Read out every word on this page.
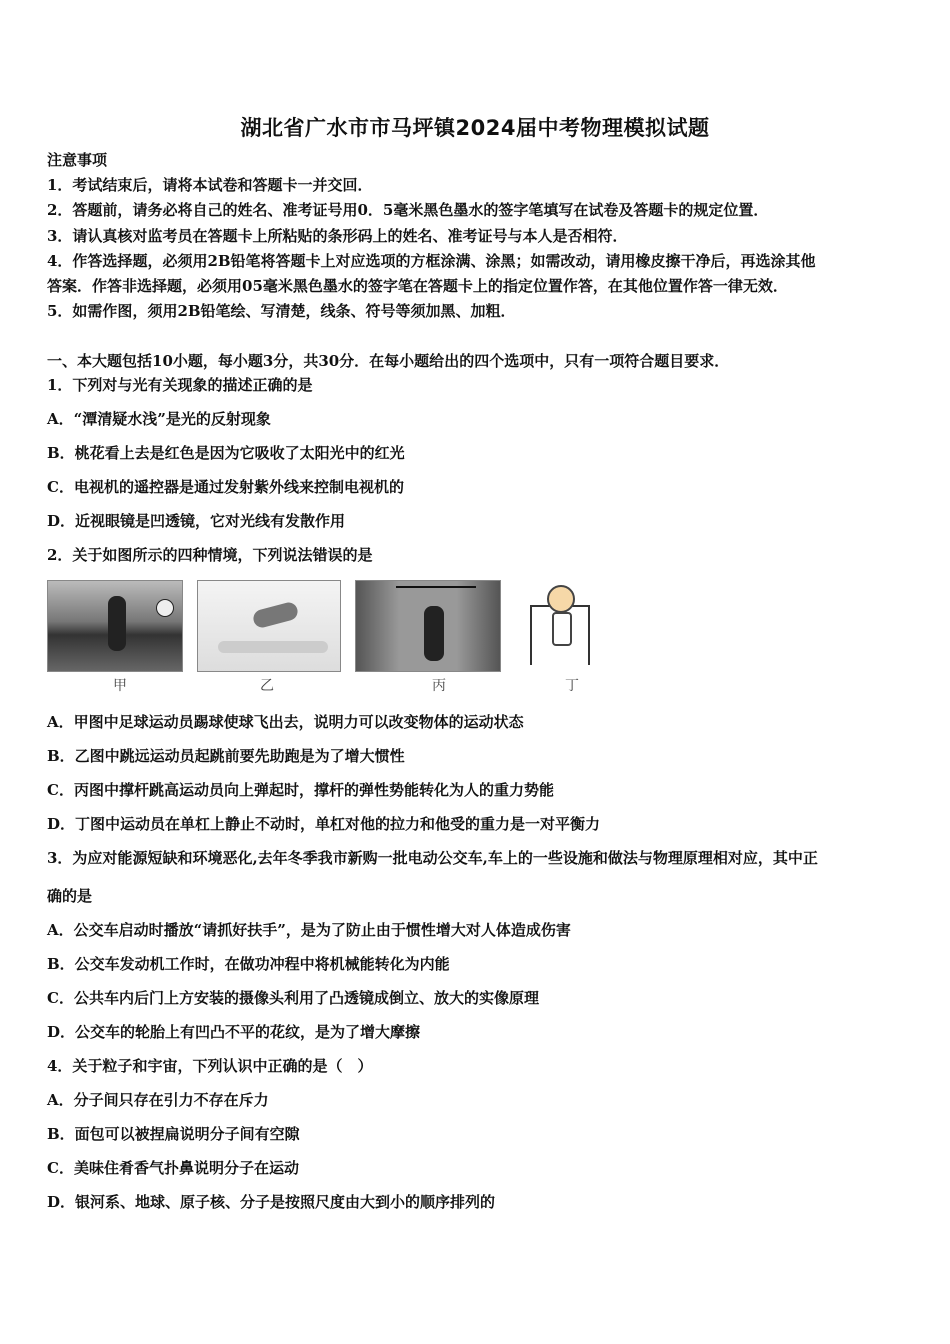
湖北省广水市市马坪镇2024届中考物理模拟试题
注意事项
1．考试结束后，请将本试卷和答题卡一并交回．
2．答题前，请务必将自己的姓名、准考证号用0．5毫米黑色墨水的签字笔填写在试卷及答题卡的规定位置．
3．请认真核对监考员在答题卡上所粘贴的条形码上的姓名、准考证号与本人是否相符．
4．作答选择题，必须用2B铅笔将答题卡上对应选项的方框涂满、涂黑；如需改动，请用橡皮擦干净后，再选涂其他
答案．作答非选择题，必须用05毫米黑色墨水的签字笔在答题卡上的指定位置作答，在其他位置作答一律无效．
5．如需作图，须用2B铅笔绘、写清楚，线条、符号等须加黑、加粗．
一、本大题包括10小题，每小题3分，共30分．在每小题给出的四个选项中，只有一项符合题目要求．
1．下列对与光有关现象的描述正确的是
A．“潭清疑水浅”是光的反射现象
B．桃花看上去是红色是因为它吸收了太阳光中的红光
C．电视机的遥控器是通过发射紫外线来控制电视机的
D．近视眼镜是凹透镜，它对光线有发散作用
2．关于如图所示的四种情境，下列说法错误的是
甲	乙	丙	丁
A．甲图中足球运动员踢球使球飞出去，说明力可以改变物体的运动状态
B．乙图中跳远运动员起跳前要先助跑是为了增大惯性
C．丙图中撑杆跳高运动员向上弹起时，撑杆的弹性势能转化为人的重力势能
D．丁图中运动员在单杠上静止不动时，单杠对他的拉力和他受的重力是一对平衡力
3．为应对能源短缺和环境恶化,去年冬季我市新购一批电动公交车,车上的一些设施和做法与物理原理相对应，其中正
确的是
A．公交车启动时播放“请抓好扶手”，是为了防止由于惯性增大对人体造成伤害
B．公交车发动机工作时，在做功冲程中将机械能转化为内能
C．公共车内后门上方安装的摄像头利用了凸透镜成倒立、放大的实像原理
D．公交车的轮胎上有凹凸不平的花纹，是为了增大摩擦
4．关于粒子和宇宙，下列认识中正确的是（　）
A．分子间只存在引力不存在斥力
B．面包可以被捏扁说明分子间有空隙
C．美味住肴香气扑鼻说明分子在运动
D．银河系、地球、原子核、分子是按照尺度由大到小的顺序排列的
